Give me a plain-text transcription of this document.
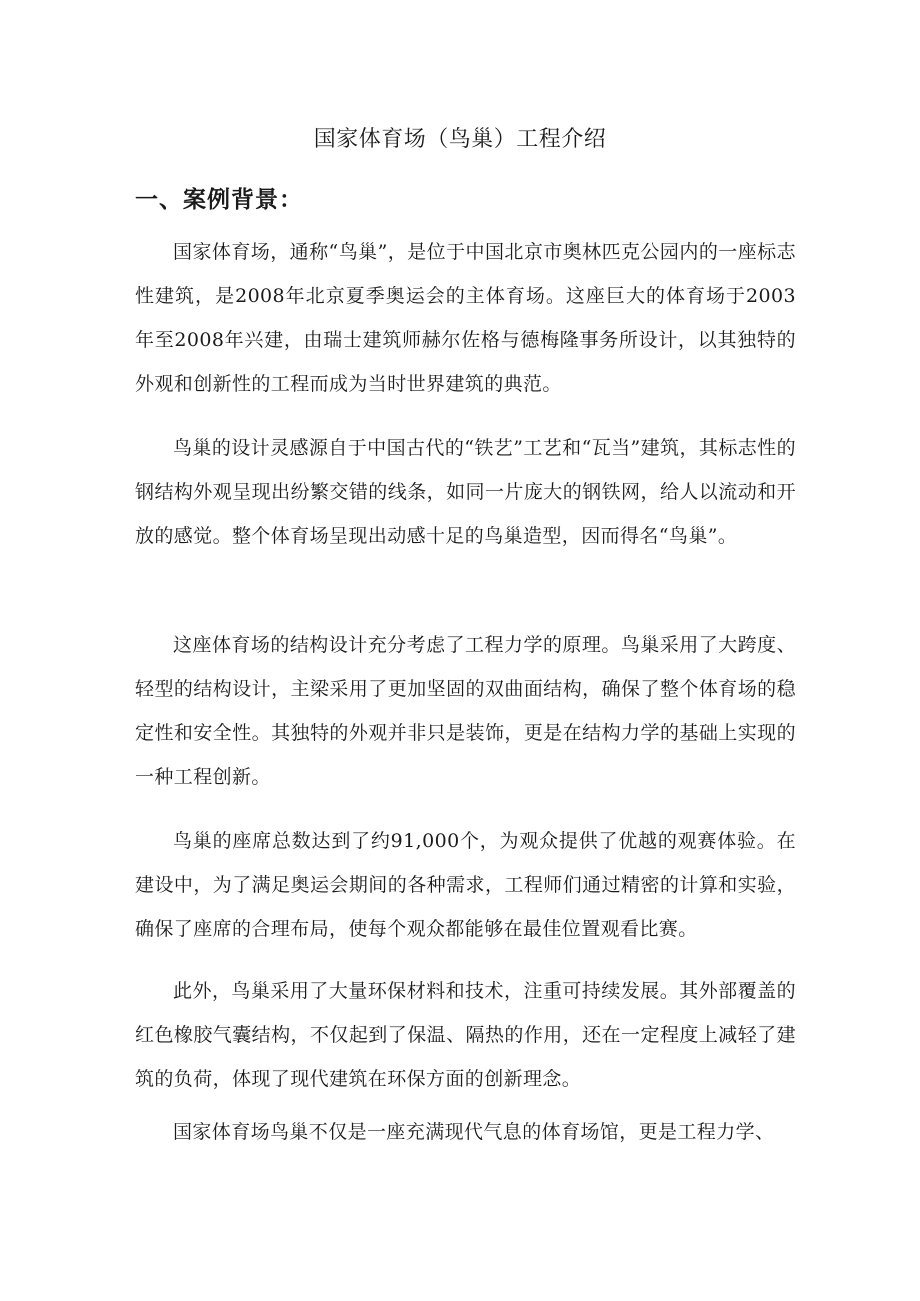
国家体育场（鸟巢）工程介绍
一、案例背景：

国家体育场，通称“鸟巢”，是位于中国北京市奥林匹克公园内的一座标志性建筑，是2008年北京夏季奥运会的主体育场。这座巨大的体育场于2003年至2008年兴建，由瑞士建筑师赫尔佐格与德梅隆事务所设计，以其独特的外观和创新性的工程而成为当时世界建筑的典范。

鸟巢的设计灵感源自于中国古代的“铁艺”工艺和“瓦当”建筑，其标志性的钢结构外观呈现出纷繁交错的线条，如同一片庞大的钢铁网，给人以流动和开放的感觉。整个体育场呈现出动感十足的鸟巢造型，因而得名“鸟巢”。

这座体育场的结构设计充分考虑了工程力学的原理。鸟巢采用了大跨度、轻型的结构设计，主梁采用了更加坚固的双曲面结构，确保了整个体育场的稳定性和安全性。其独特的外观并非只是装饰，更是在结构力学的基础上实现的一种工程创新。

鸟巢的座席总数达到了约91,000个，为观众提供了优越的观赛体验。在建设中，为了满足奥运会期间的各种需求，工程师们通过精密的计算和实验，确保了座席的合理布局，使每个观众都能够在最佳位置观看比赛。

此外，鸟巢采用了大量环保材料和技术，注重可持续发展。其外部覆盖的红色橡胶气囊结构，不仅起到了保温、隔热的作用，还在一定程度上减轻了建筑的负荷，体现了现代建筑在环保方面的创新理念。

国家体育场鸟巢不仅是一座充满现代气息的体育场馆，更是工程力学、
